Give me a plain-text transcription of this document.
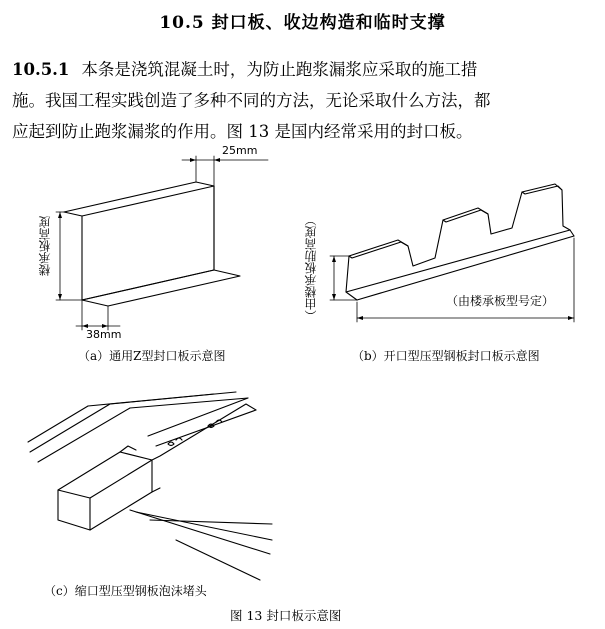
10.5 封口板、收边构造和临时支撑
10.5.1 本条是浇筑混凝土时，为防止跑浆漏浆应采取的施工措
施。我国工程实践创造了多种不同的方法，无论采取什么方法，都
应起到防止跑浆漏浆的作用。图 13 是国内经常采用的封口板。
25mm
楼承板高度
38mm
（a）通用Z型封口板示意图
（由楼承板肋高度）	（由楼承板型号定）
（b）开口型压型钢板封口板示意图
（c）缩口型压型钢板泡沫堵头
图 13 封口板示意图
